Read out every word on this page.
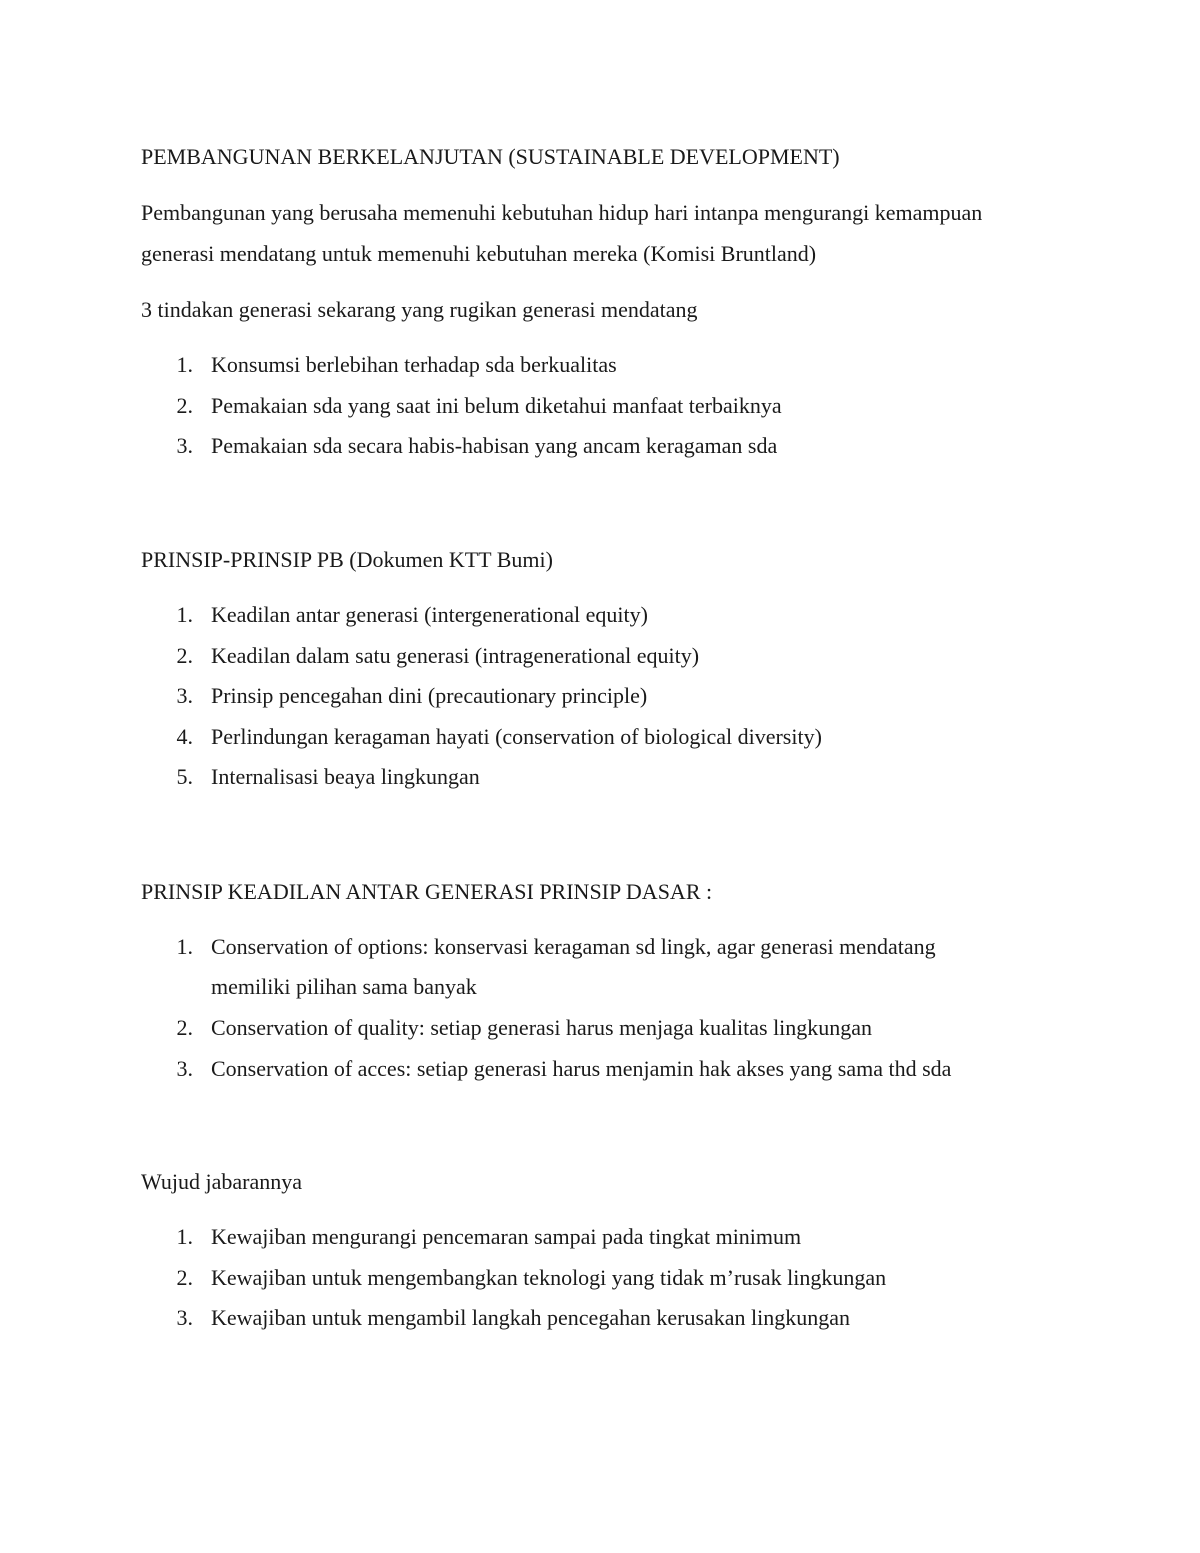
PEMBANGUNAN BERKELANJUTAN (SUSTAINABLE DEVELOPMENT)
Pembangunan yang berusaha memenuhi kebutuhan hidup hari intanpa mengurangi kemampuan
generasi mendatang untuk memenuhi kebutuhan mereka (Komisi Bruntland)
3 tindakan generasi sekarang yang rugikan generasi mendatang
1. Konsumsi berlebihan terhadap sda berkualitas
2. Pemakaian sda yang saat ini belum diketahui manfaat terbaiknya
3. Pemakaian sda secara habis-habisan yang ancam keragaman sda
PRINSIP-PRINSIP PB (Dokumen KTT Bumi)
1. Keadilan antar generasi (intergenerational equity)
2. Keadilan dalam satu generasi (intragenerational equity)
3. Prinsip pencegahan dini (precautionary principle)
4. Perlindungan keragaman hayati (conservation of biological diversity)
5. Internalisasi beaya lingkungan
PRINSIP KEADILAN ANTAR GENERASI PRINSIP DASAR :
1. Conservation of options: konservasi keragaman sd lingk, agar generasi mendatang
memiliki pilihan sama banyak
2. Conservation of quality: setiap generasi harus menjaga kualitas lingkungan
3. Conservation of acces: setiap generasi harus menjamin hak akses yang sama thd sda
Wujud jabarannya
1. Kewajiban mengurangi pencemaran sampai pada tingkat minimum
2. Kewajiban untuk mengembangkan teknologi yang tidak m’rusak lingkungan
3. Kewajiban untuk mengambil langkah pencegahan kerusakan lingkungan
